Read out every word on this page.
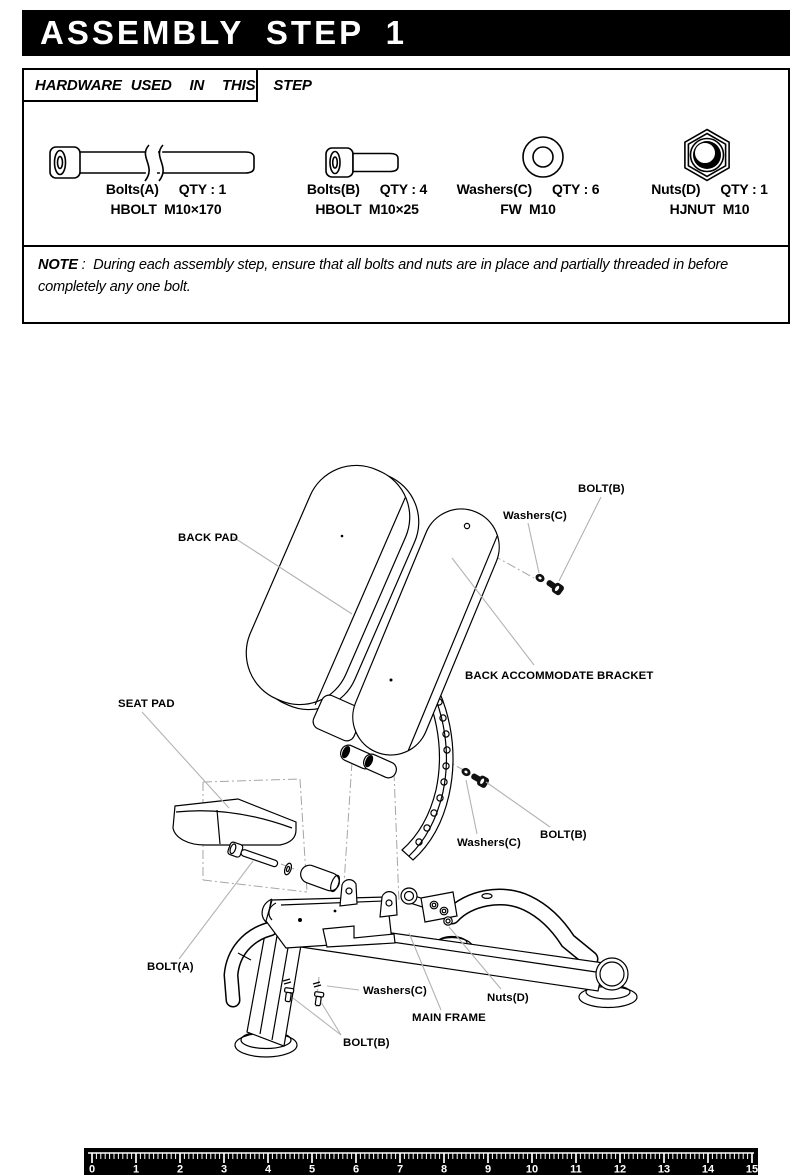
ASSEMBLY STEP 1
HARDWARE USED  IN  THIS  STEP
Bolts(A) QTY : 1
HBOLT  M10×170
Bolts(B) QTY : 4
HBOLT  M10×25
Washers(C) QTY : 6
FW  M10
Nuts(D) QTY : 1
HJNUT  M10
NOTE :  During each assembly step, ensure that all bolts and nuts are in place and partially threaded in before completely any one bolt.
BACK PAD
Washers(C)
BOLT(B)
BACK ACCOMMODATE BRACKET
SEAT PAD
Washers(C)
BOLT(B)
BOLT(A)
Washers(C)
Nuts(D)
MAIN FRAME
BOLT(B)
0	1	2	3	4	5	6	7	8	9	10	11	12	13	14	15
